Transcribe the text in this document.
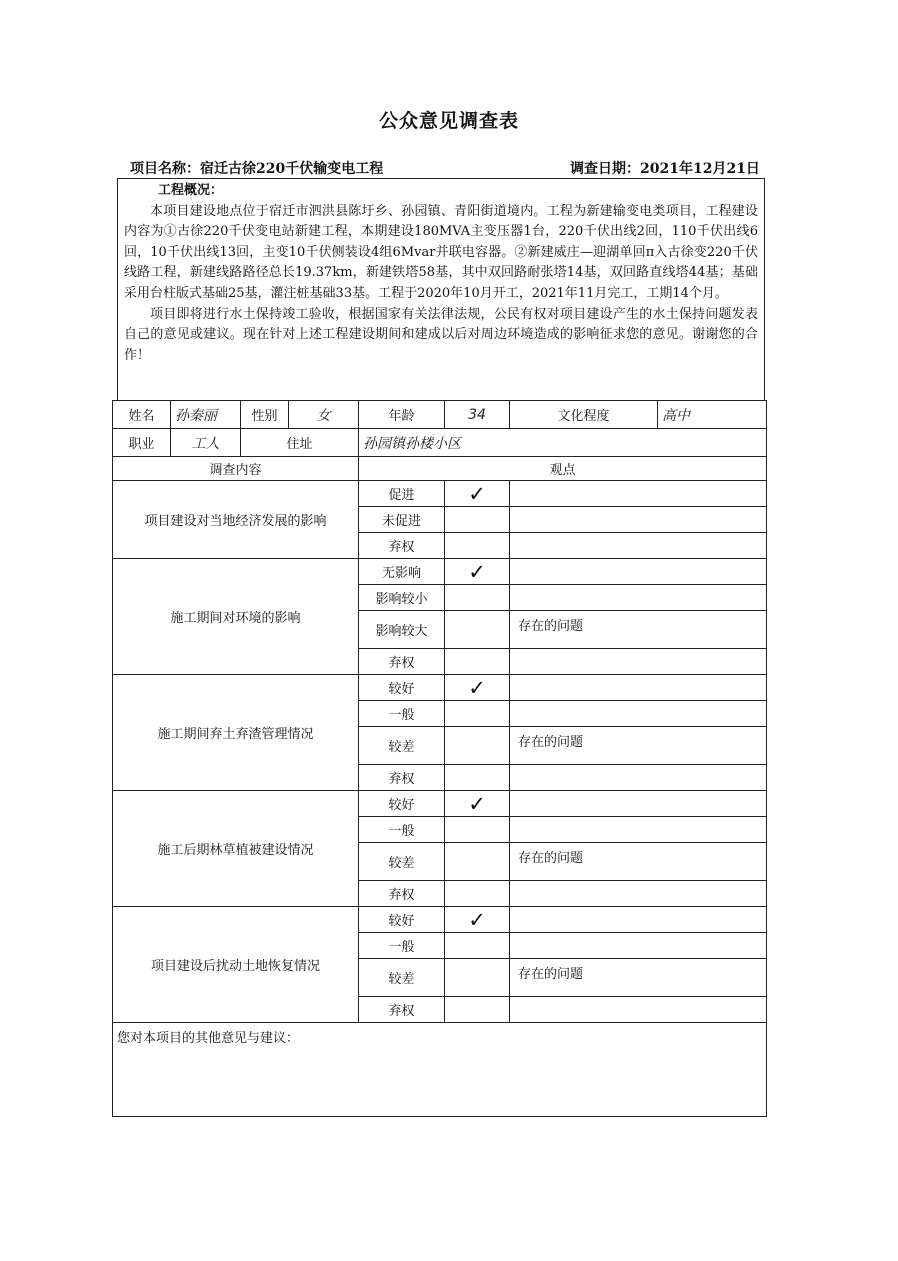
公众意见调查表
项目名称：宿迁古徐220千伏输变电工程	调查日期：2021年12月21日
工程概况：

本项目建设地点位于宿迁市泗洪县陈圩乡、孙园镇、青阳街道境内。工程为新建输变电类项目，工程建设内容为①古徐220千伏变电站新建工程，本期建设180MVA主变压器1台，220千伏出线2回，110千伏出线6回，10千伏出线13回，主变10千伏侧装设4组6Mvar并联电容器。②新建威庄—迎湖单回π入古徐变220千伏线路工程，新建线路路径总长19.37km，新建铁塔58基，其中双回路耐张塔14基，双回路直线塔44基；基础采用台柱版式基础25基，灌注桩基础33基。工程于2020年10月开工，2021年11月完工，工期14个月。

项目即将进行水土保持竣工验收，根据国家有关法律法规，公民有权对项目建设产生的水土保持问题发表自己的意见或建议。现在针对上述工程建设期间和建成以后对周边环境造成的影响征求您的意见。谢谢您的合作！

姓名	孙秦丽	性别	女	年龄	34	文化程度	高中
职业	工人	住址		孙园镇孙楼小区			
调查内容				观点			
项目建设对当地经济发展的影响				促进	✓		
				未促进			
				弃权			
施工期间对环境的影响				无影响	✓		
				影响较小			
				影响较大		存在的问题	
				弃权			
施工期间弃土弃渣管理情况				较好	✓		
				一般			
				较差		存在的问题	
				弃权			
施工后期林草植被建设情况				较好	✓		
				一般			
				较差		存在的问题	
				弃权			
项目建设后扰动土地恢复情况				较好	✓		
				一般			
				较差		存在的问题	
				弃权			
您对本项目的其他意见与建议：							
